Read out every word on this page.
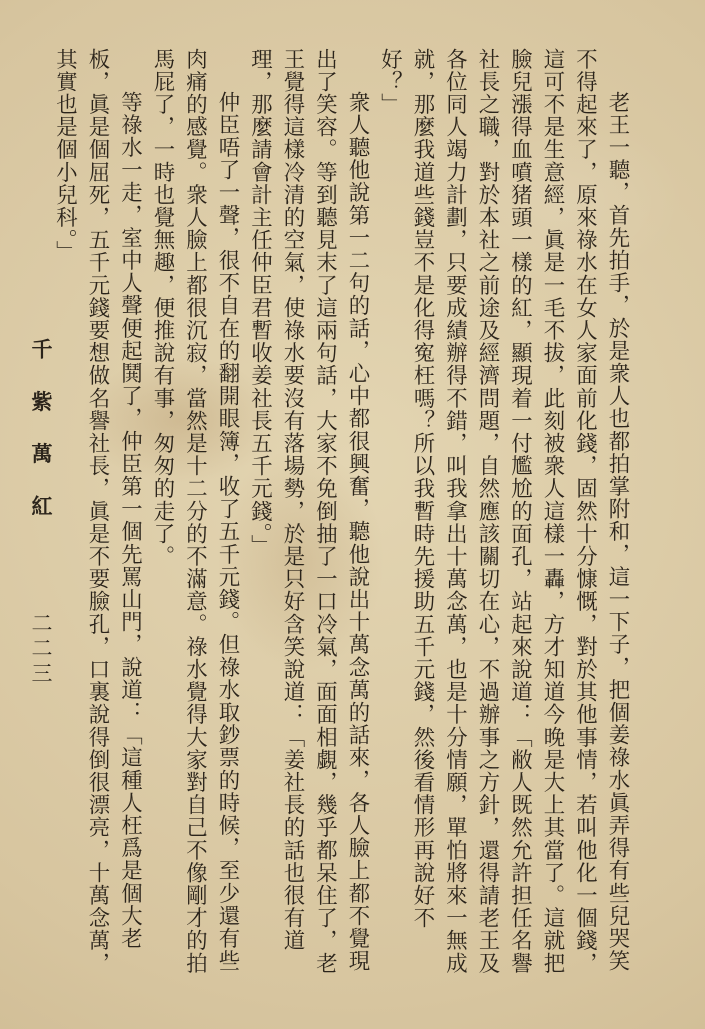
老王一聽，首先拍手，於是衆人也都拍掌附和，這一下子，把個姜祿水眞弄得有些兒哭笑不得起來了，原來祿水在女人家面前化錢，固然十分慷慨，對於其他事情，若叫他化一個錢，這可不是生意經，眞是一毛不拔，此刻被衆人這樣一轟，方才知道今晚是大上其當了。這就把臉兒漲得血噴猪頭一樣的紅，顯現着一付尷尬的面孔，站起來說道：「敝人既然允許担任名譽社長之職，對於本社之前途及經濟問題，自然應該關切在心，不過辦事之方針，還得請老王及各位同人竭力計劃，只要成績辦得不錯，叫我拿出十萬念萬，也是十分情願，單怕將來一無成就，那麼我道些錢豈不是化得寃枉嗎？所以我暫時先援助五千元錢，然後看情形再說好不好？」

衆人聽他說第一二句的話，心中都很興奮，聽他說出十萬念萬的話來，各人臉上都不覺現出了笑容。等到聽見末了這兩句話，大家不免倒抽了一口冷氣，面面相覷，幾乎都呆住了，老王覺得這樣冷清的空氣，使祿水要沒有落場勢，於是只好含笑說道：「姜社長的話也很有道理，那麼請會計主任仲臣君暫收姜社長五千元錢。」

仲臣唔了一聲，很不自在的翻開眼簿，收了五千元錢。但祿水取鈔票的時候，至少還有些肉痛的感覺。衆人臉上都很沉寂，當然是十二分的不滿意。祿水覺得大家對自己不像剛才的拍馬屁了，一時也覺無趣，便推說有事，匆匆的走了。

等祿水一走，室中人聲便起鬨了，仲臣第一個先罵山門，說道：「這種人枉爲是個大老板，眞是個屈死，五千元錢要想做名譽社長，眞是不要臉孔，口裏說得倒很漂亮，十萬念萬，其實也是個小兒科。」

千 紫 萬 紅
二二三
